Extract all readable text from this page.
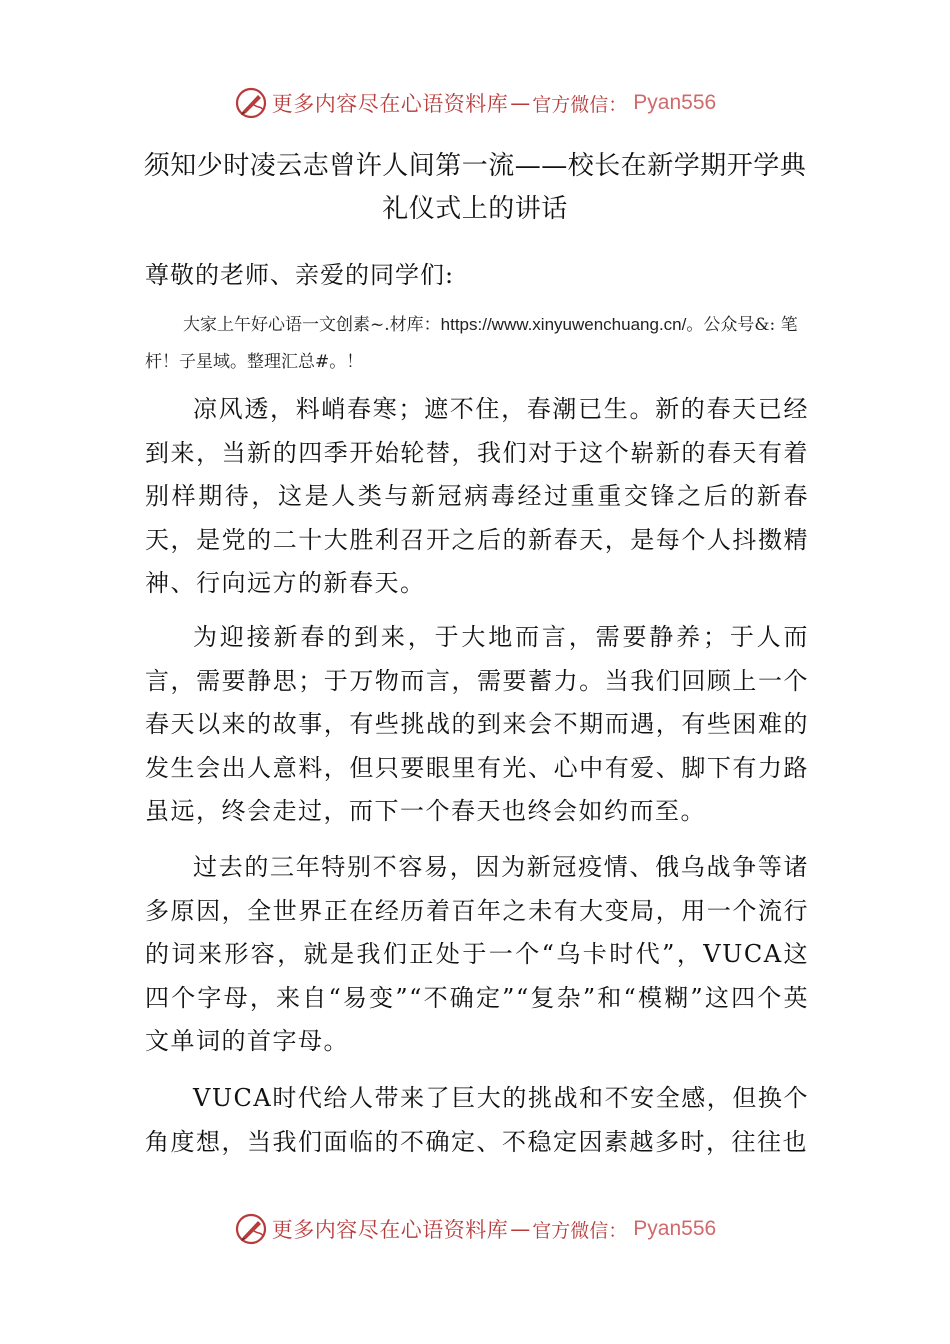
更多内容尽在心语资料库 — 官方微信： Pyan556
须知少时凌云志曾许人间第一流——校长在新学期开学典
礼仪式上的讲话
尊敬的老师、亲爱的同学们:
大家上午好心语一文创素~.材库：https://www.xinyuwenchuang.cn/。公众号&: 笔杆！子星域。整理汇总#。！

凉风透，料峭春寒；遮不住，春潮已生。新的春天已经到来，当新的四季开始轮替，我们对于这个崭新的春天有着别样期待，这是人类与新冠病毒经过重重交锋之后的新春天，是党的二十大胜利召开之后的新春天，是每个人抖擞精神、行向远方的新春天。

为迎接新春的到来，于大地而言，需要静养；于人而言，需要静思；于万物而言，需要蓄力。当我们回顾上一个春天以来的故事，有些挑战的到来会不期而遇，有些困难的发生会出人意料，但只要眼里有光、心中有爱、脚下有力路虽远，终会走过，而下一个春天也终会如约而至。

过去的三年特别不容易，因为新冠疫情、俄乌战争等诸多原因，全世界正在经历着百年之未有大变局，用一个流行的词来形容，就是我们正处于一个“乌卡时代”，VUCA这四个字母，来自“易变”“不确定”“复杂”和“模糊”这四个英文单词的首字母。

VUCA时代给人带来了巨大的挑战和不安全感，但换个角度想，当我们面临的不确定、不稳定因素越多时，往往也

更多内容尽在心语资料库 — 官方微信： Pyan556
